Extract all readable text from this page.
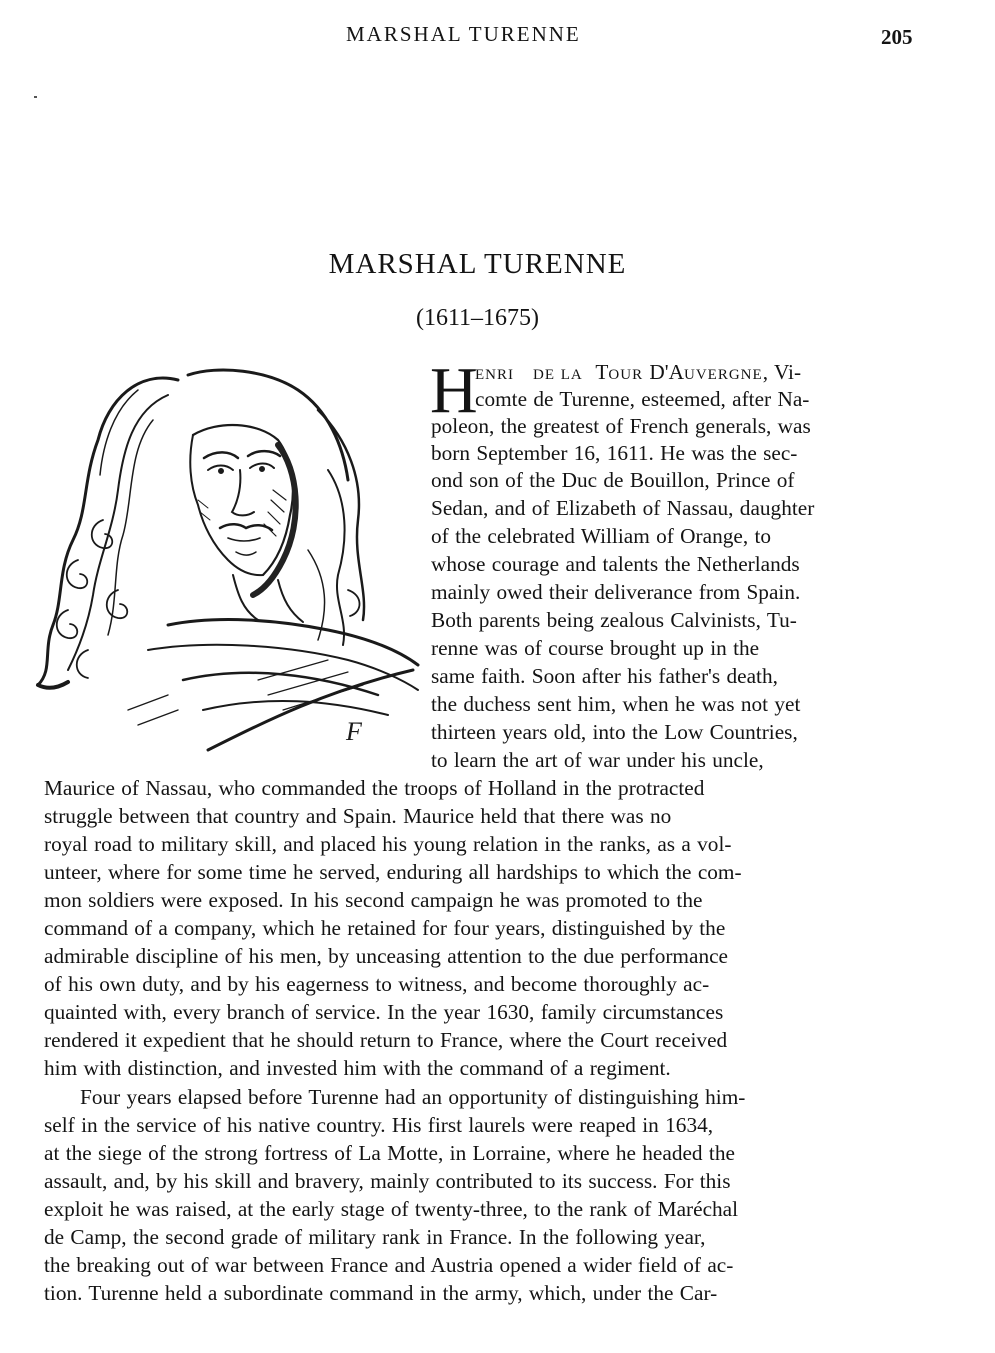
MARSHAL TURENNE	205
MARSHAL TURENNE
(1611–1675)
F
H
ENRI DE LA TOUR D'AUVERGNE, Vi-
comte de Turenne, esteemed, after Na-
poleon, the greatest of French generals, was
born September 16, 1611. He was the sec-
ond son of the Duc de Bouillon, Prince of
Sedan, and of Elizabeth of Nassau, daughter
of the celebrated William of Orange, to
whose courage and talents the Netherlands
mainly owed their deliverance from Spain.
Both parents being zealous Calvinists, Tu-
renne was of course brought up in the
same faith. Soon after his father's death,
the duchess sent him, when he was not yet
thirteen years old, into the Low Countries,
to learn the art of war under his uncle,
Maurice of Nassau, who commanded the troops of Holland in the protracted
struggle between that country and Spain. Maurice held that there was no
royal road to military skill, and placed his young relation in the ranks, as a vol-
unteer, where for some time he served, enduring all hardships to which the com-
mon soldiers were exposed. In his second campaign he was promoted to the
command of a company, which he retained for four years, distinguished by the
admirable discipline of his men, by unceasing attention to the due performance
of his own duty, and by his eagerness to witness, and become thoroughly ac-
quainted with, every branch of service. In the year 1630, family circumstances
rendered it expedient that he should return to France, where the Court received
him with distinction, and invested him with the command of a regiment.
Four years elapsed before Turenne had an opportunity of distinguishing him-
self in the service of his native country. His first laurels were reaped in 1634,
at the siege of the strong fortress of La Motte, in Lorraine, where he headed the
assault, and, by his skill and bravery, mainly contributed to its success. For this
exploit he was raised, at the early stage of twenty-three, to the rank of Maréchal
de Camp, the second grade of military rank in France. In the following year,
the breaking out of war between France and Austria opened a wider field of ac-
tion. Turenne held a subordinate command in the army, which, under the Car-
